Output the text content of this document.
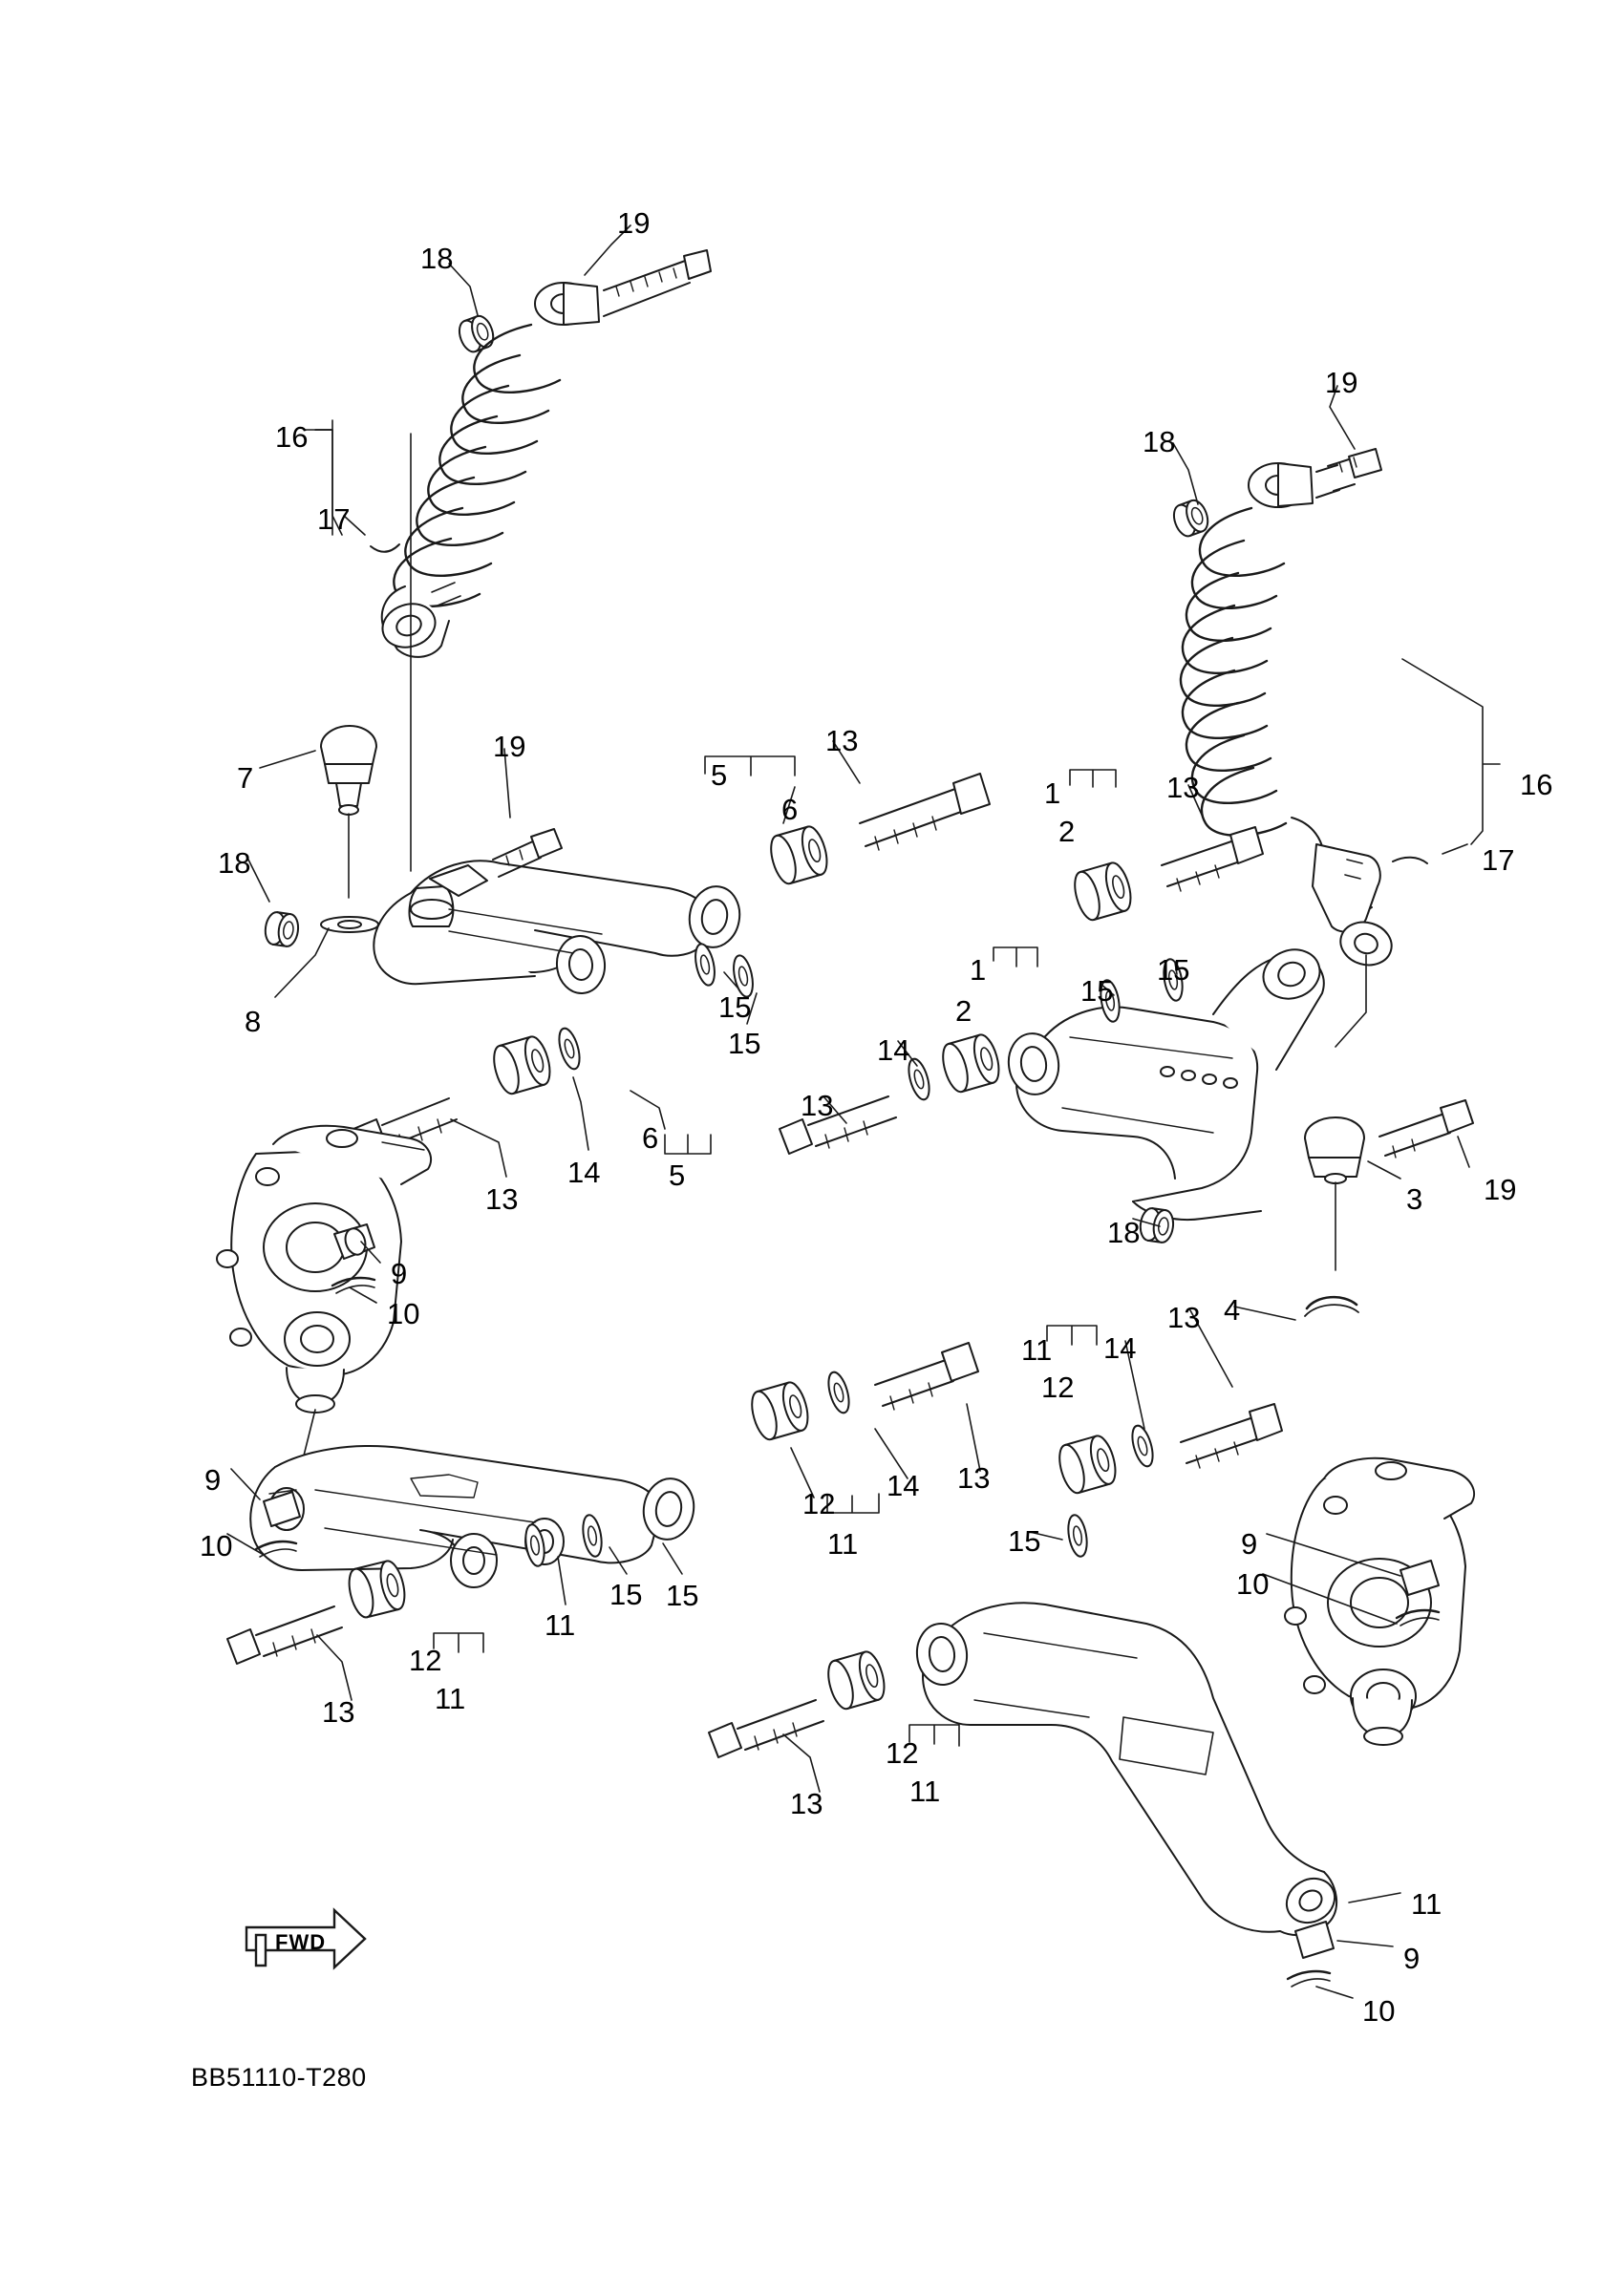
FWD
BB51110-T280
19
18
16
17
19
18
16
17
7
19
5
6
13
1
2
13
18
8	15
15
1
2
14
15
15
13
13
14
6
5	19
3
18
9
10	4
11
12
14
13
13
14
12
11
9
10	15
15 15
11
9
10
12
11
13
12
11
13
11
9
10
